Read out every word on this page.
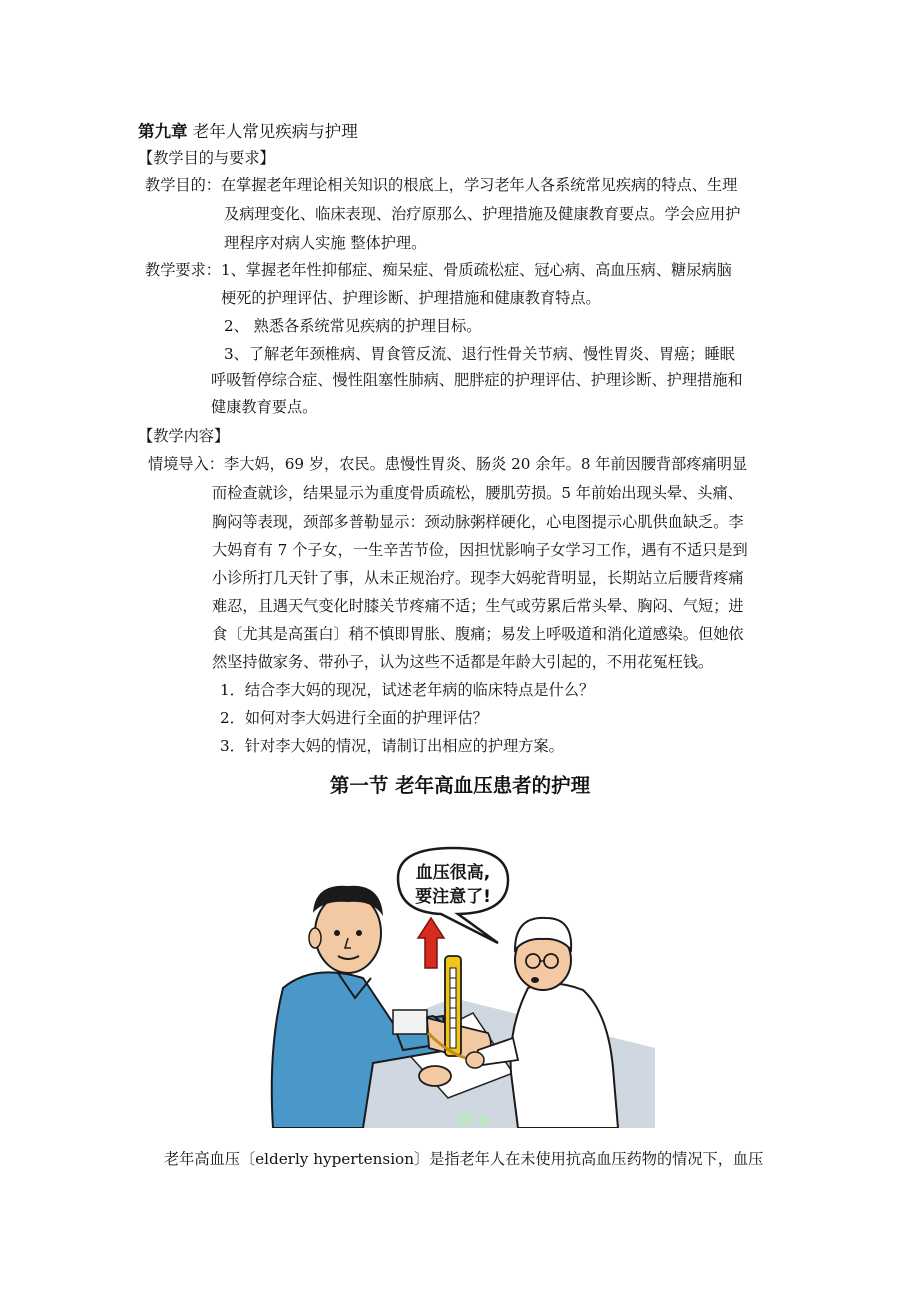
第九章 老年人常见疾病与护理
【教学目的与要求】
教学目的：在掌握老年理论相关知识的根底上，学习老年人各系统常见疾病的特点、生理
及病理变化、临床表现、治疗原那么、护理措施及健康教育要点。学会应用护
理程序对病人实施 整体护理。
教学要求：1、掌握老年性抑郁症、痴呆症、骨质疏松症、冠心病、高血压病、糖尿病脑
梗死的护理评估、护理诊断、护理措施和健康教育特点。
2、 熟悉各系统常见疾病的护理目标。
3、了解老年颈椎病、胃食管反流、退行性骨关节病、慢性胃炎、胃癌；睡眠
呼吸暂停综合症、慢性阻塞性肺病、肥胖症的护理评估、护理诊断、护理措施和
健康教育要点。
【教学内容】
情境导入：李大妈，69 岁，农民。患慢性胃炎、肠炎 20 余年。8 年前因腰背部疼痛明显
而检查就诊，结果显示为重度骨质疏松，腰肌劳损。5 年前始出现头晕、头痛、
胸闷等表现，颈部多普勒显示：颈动脉粥样硬化，心电图提示心肌供血缺乏。李
大妈育有 7 个子女，一生辛苦节俭，因担忧影响子女学习工作，遇有不适只是到
小诊所打几天针了事，从未正规治疗。现李大妈驼背明显，长期站立后腰背疼痛
难忍，且遇天气变化时膝关节疼痛不适；生气或劳累后常头晕、胸闷、气短；进
食〔尤其是高蛋白〕稍不慎即胃胀、腹痛；易发上呼吸道和消化道感染。但她依
然坚持做家务、带孙子，认为这些不适都是年龄大引起的，不用花冤枉钱。
1．结合李大妈的现况，试述老年病的临床特点是什么？
2．如何对李大妈进行全面的护理评估？
3．针对李大妈的情况，请制订出相应的护理方案。
第一节 老年高血压患者的护理
血压很高,
要注意了!
老年高血压〔elderly hypertension〕是指老年人在未使用抗高血压药物的情况下，血压
